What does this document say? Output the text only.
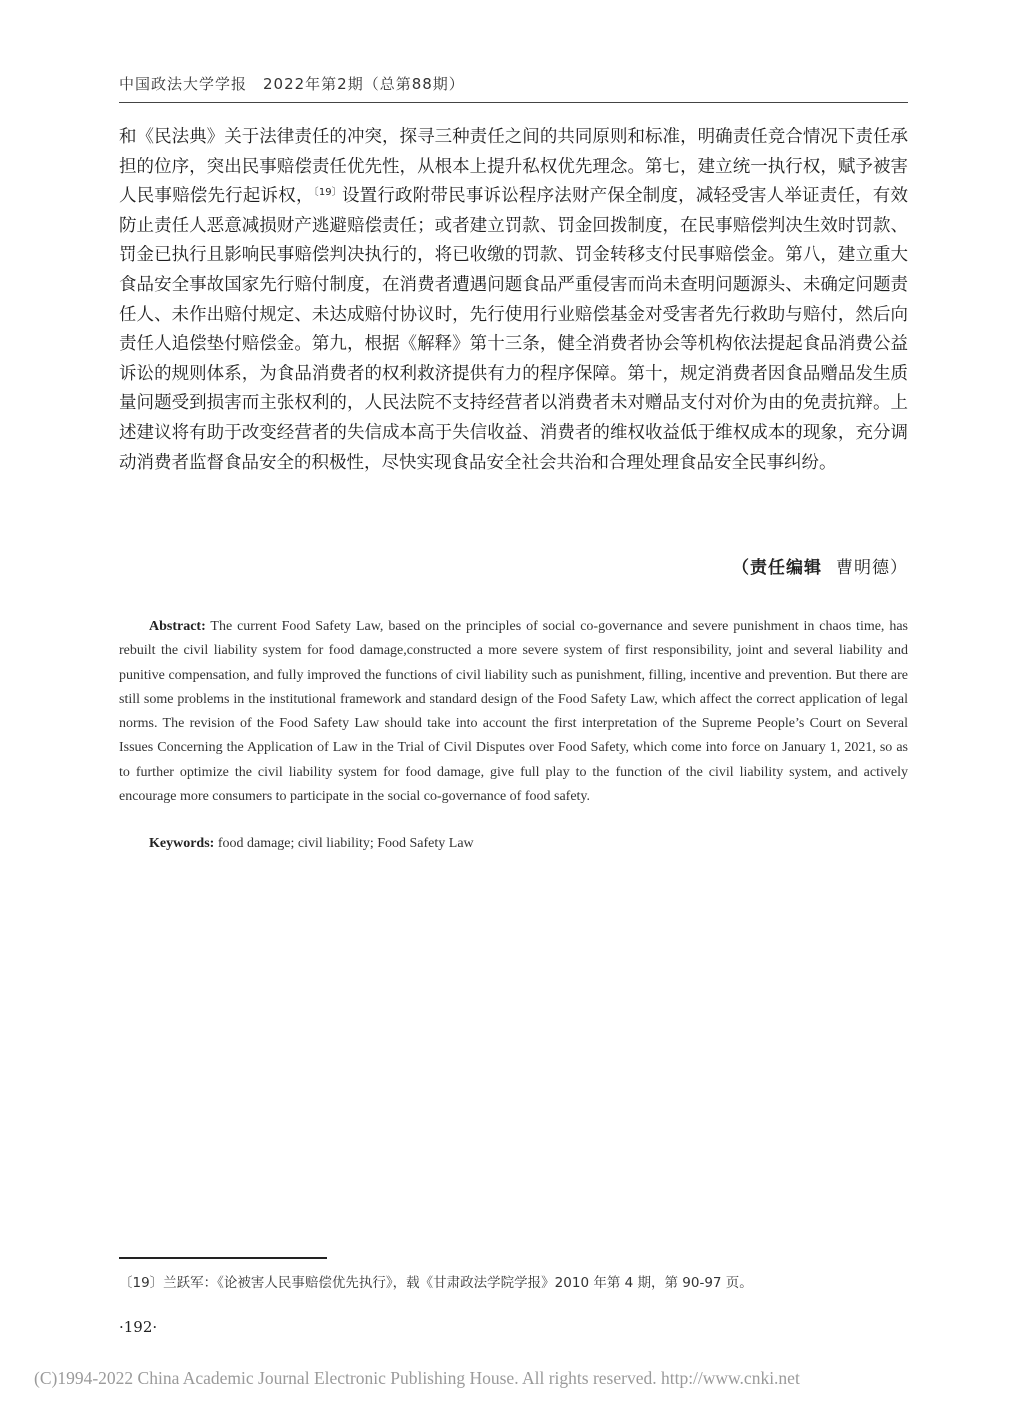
中国政法大学学报　2022年第2期（总第88期）

和《民法典》关于法律责任的冲突，探寻三种责任之间的共同原则和标准，明确责任竞合情况下责任承担的位序，突出民事赔偿责任优先性，从根本上提升私权优先理念。第七，建立统一执行权，赋予被害人民事赔偿先行起诉权，$^{〔19〕}$设置行政附带民事诉讼程序法财产保全制度，减轻受害人举证责任，有效防止责任人恶意减损财产逃避赔偿责任；或者建立罚款、罚金回拨制度，在民事赔偿判决生效时罚款、罚金已执行且影响民事赔偿判决执行的，将已收缴的罚款、罚金转移支付民事赔偿金。第八，建立重大食品安全事故国家先行赔付制度，在消费者遭遇问题食品严重侵害而尚未查明问题源头、未确定问题责任人、未作出赔付规定、未达成赔付协议时，先行使用行业赔偿基金对受害者先行救助与赔付，然后向责任人追偿垫付赔偿金。第九，根据《解释》第十三条，健全消费者协会等机构依法提起食品消费公益诉讼的规则体系，为食品消费者的权利救济提供有力的程序保障。第十，规定消费者因食品赠品发生质量问题受到损害而主张权利的，人民法院不支持经营者以消费者未对赠品支付对价为由的免责抗辩。上述建议将有助于改变经营者的失信成本高于失信收益、消费者的维权收益低于维权成本的现象，充分调动消费者监督食品安全的积极性，尽快实现食品安全社会共治和合理处理食品安全民事纠纷。

（责任编辑 曹明德）

Abstract: The current Food Safety Law, based on the principles of social co-governance and severe punishment in chaos time, has rebuilt the civil liability system for food damage,constructed a more severe system of first responsibility, joint and several liability and punitive compensation, and fully improved the functions of civil liability such as punishment, filling, incentive and prevention. But there are still some problems in the institutional framework and standard design of the Food Safety Law, which affect the correct application of legal norms. The revision of the Food Safety Law should take into account the first interpretation of the Supreme People’s Court on Several Issues Concerning the Application of Law in the Trial of Civil Disputes over Food Safety, which come into force on January 1, 2021, so as to further optimize the civil liability system for food damage, give full play to the function of the civil liability system, and actively encourage more consumers to participate in the social co-governance of food safety.

Keywords: food damage; civil liability; Food Safety Law

〔19〕兰跃军：《论被害人民事赔偿优先执行》，载《甘肃政法学院学报》2010 年第 4 期，第 90-97 页。

·192·
(C)1994-2022 China Academic Journal Electronic Publishing House. All rights reserved. http://www.cnki.net
